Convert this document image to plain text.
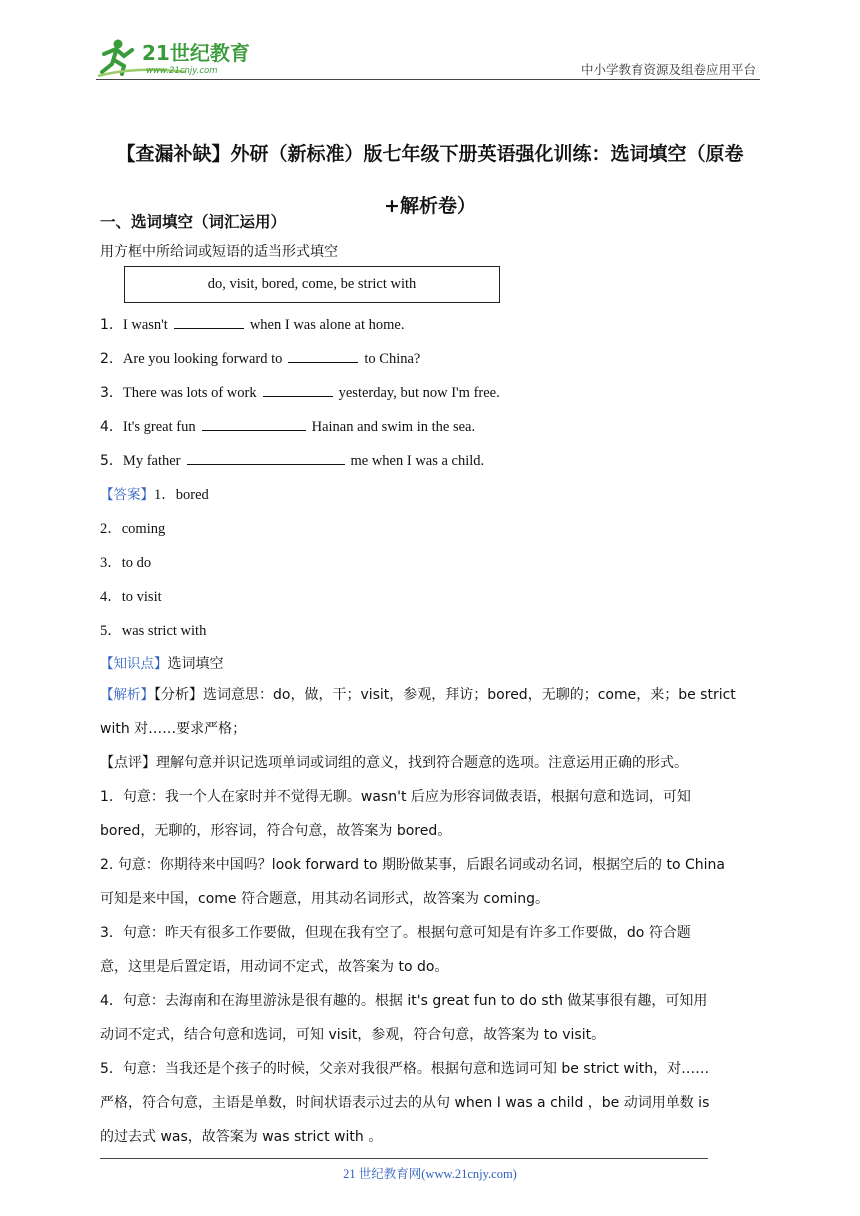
21世纪教育
www.21cnjy.com	中小学教育资源及组卷应用平台
【查漏补缺】外研（新标准）版七年级下册英语强化训练：选词填空（原卷
+解析卷）
一、选词填空（词汇运用）
用方框中所给词或短语的适当形式填空
do, visit, bored, come, be strict with
1．I wasn't	when I was alone at home.
2．Are you looking forward to	to China?
3．There was lots of work	yesterday, but now I'm free.
4．It's great fun	Hainan and swim in the sea.
5．My father	me when I was a child.
【答案】1．bored
2．coming
3．to do
4．to visit
5．was strict with
【知识点】选词填空
【解析】【分析】选词意思：do，做，干；visit，参观，拜访；bored，无聊的；come，来；be strict
with 对……要求严格；
【点评】理解句意并识记选项单词或词组的意义，找到符合题意的选项。注意运用正确的形式。
1．句意：我一个人在家时并不觉得无聊。wasn't 后应为形容词做表语，根据句意和选词，可知
bored，无聊的，形容词，符合句意，故答案为 bored。
2. 句意：你期待来中国吗？look forward to 期盼做某事，后跟名词或动名词，根据空后的 to China
可知是来中国，come 符合题意，用其动名词形式，故答案为 coming。
3．句意：昨天有很多工作要做，但现在我有空了。根据句意可知是有许多工作要做，do 符合题
意，这里是后置定语，用动词不定式，故答案为 to do。
4．句意：去海南和在海里游泳是很有趣的。根据 it's great fun to do sth 做某事很有趣，可知用
动词不定式，结合句意和选词，可知 visit，参观，符合句意，故答案为 to visit。
5．句意：当我还是个孩子的时候，父亲对我很严格。根据句意和选词可知 be strict with，对……
严格，符合句意，主语是单数，时间状语表示过去的从句 when I was a child ，be 动词用单数 is
的过去式 was，故答案为 was strict with 。
21 世纪教育网(www.21cnjy.com)
